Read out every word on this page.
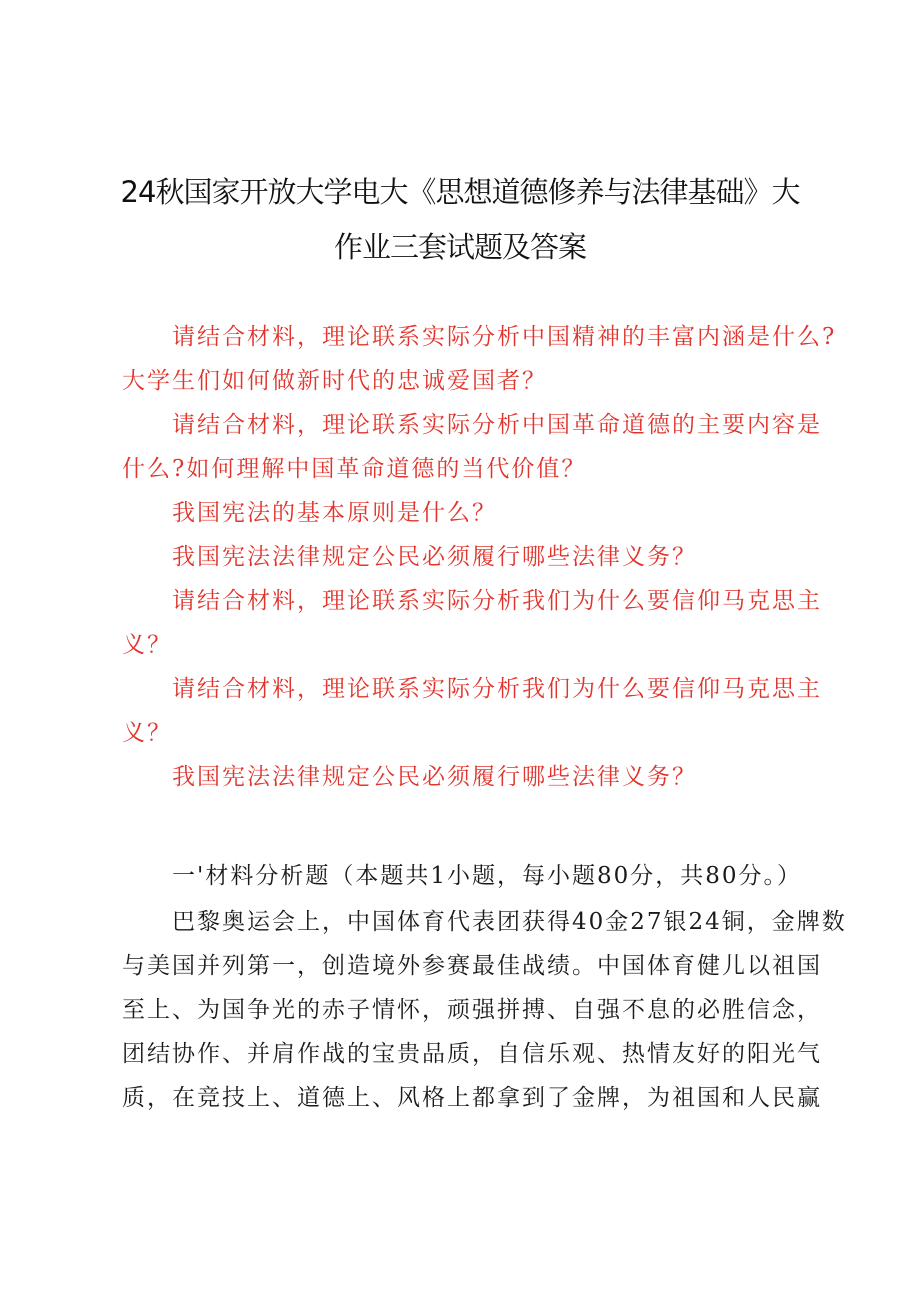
24秋国家开放大学电大《思想道德修养与法律基础》大
作业三套试题及答案
请结合材料，理论联系实际分析中国精神的丰富内涵是什么?
大学生们如何做新时代的忠诚爱国者？
请结合材料，理论联系实际分析中国革命道德的主要内容是
什么?如何理解中国革命道德的当代价值？
我国宪法的基本原则是什么？
我国宪法法律规定公民必须履行哪些法律义务？
请结合材料，理论联系实际分析我们为什么要信仰马克思主
义？
请结合材料，理论联系实际分析我们为什么要信仰马克思主
义？
我国宪法法律规定公民必须履行哪些法律义务？
一'材料分析题（本题共1小题，每小题80分，共80分。）
巴黎奥运会上，中国体育代表团获得40金27银24铜，金牌数
与美国并列第一，创造境外参赛最佳战绩。中国体育健儿以祖国
至上、为国争光的赤子情怀，顽强拼搏、自强不息的必胜信念，
团结协作、并肩作战的宝贵品质，自信乐观、热情友好的阳光气
质，在竞技上、道德上、风格上都拿到了金牌，为祖国和人民赢
